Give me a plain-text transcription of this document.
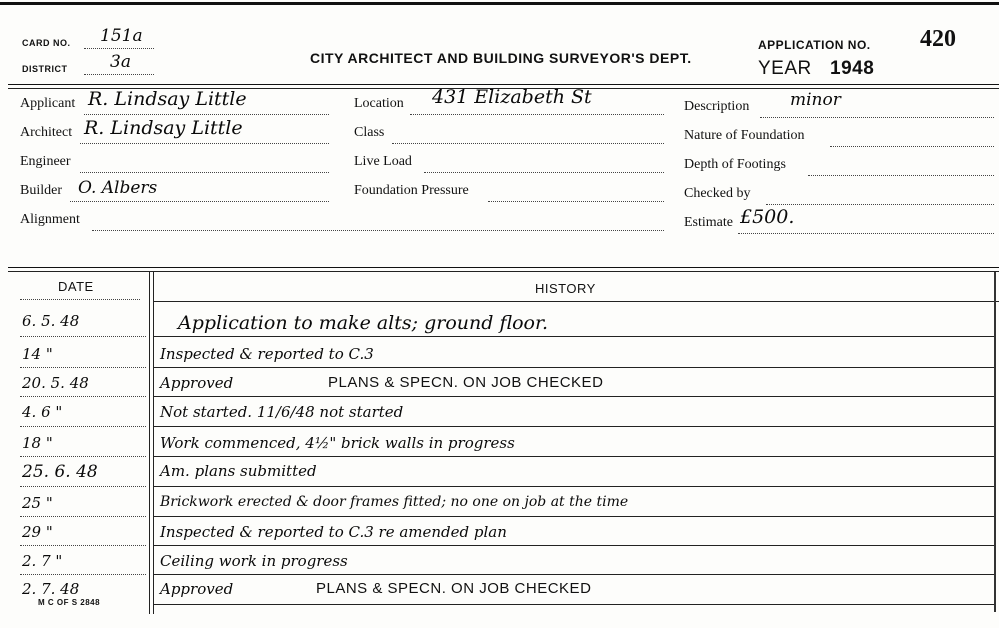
CARD NO. 151a
DISTRICT	3a	CITY ARCHITECT AND BUILDING SURVEYOR'S DEPT.
APPLICATION NO. 420
YEAR 1948
Applicant R. Lindsay Little
Architect R. Lindsay Little
Engineer
Builder O. Albers
Alignment
Location 431 Elizabeth St
Class
Live Load
Foundation Pressure
Description minor
Nature of Foundation
Depth of Footings
Checked by
Estimate £500.
DATE	HISTORY
6. 5. 48	Application to make alts; ground floor.
14 "	Inspected & reported to C.3
20. 5. 48	Approved	PLANS & SPECN. ON JOB CHECKED
4. 6 "	Not started. 11/6/48 not started
18 "	Work commenced, 4½" brick walls in progress
25. 6. 48	Am. plans submitted
25 "	Brickwork erected & door frames fitted; no one on job at the time
29 "	Inspected & reported to C.3 re amended plan
2. 7 "	Ceiling work in progress
2. 7. 48	Approved	PLANS & SPECN. ON JOB CHECKED
M C OF S 2848
